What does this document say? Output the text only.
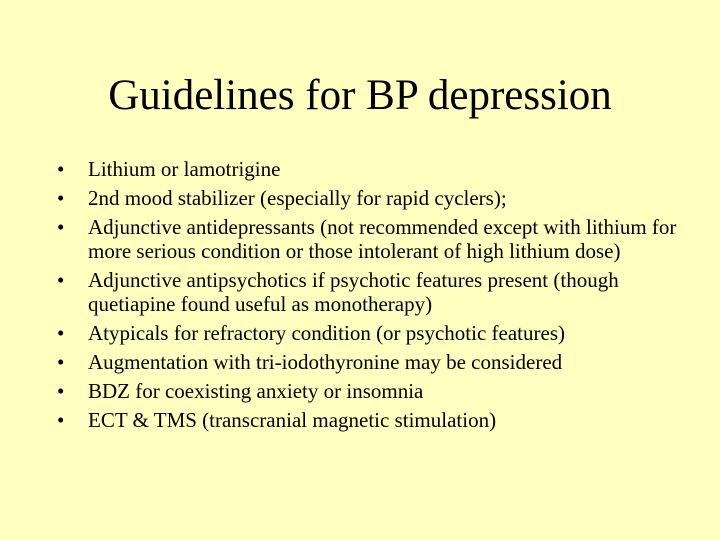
Guidelines for BP depression
•	Lithium or lamotrigine
•	2nd mood stabilizer (especially for rapid cyclers);
•	Adjunctive antidepressants (not recommended except with lithium for more serious condition or those intolerant of high lithium dose)
•	Adjunctive antipsychotics if psychotic features present (though quetiapine found useful as monotherapy)
•	Atypicals for refractory condition (or psychotic features)
•	Augmentation with tri-iodothyronine may be considered
•	BDZ for coexisting anxiety or insomnia
•	ECT & TMS (transcranial magnetic stimulation)
